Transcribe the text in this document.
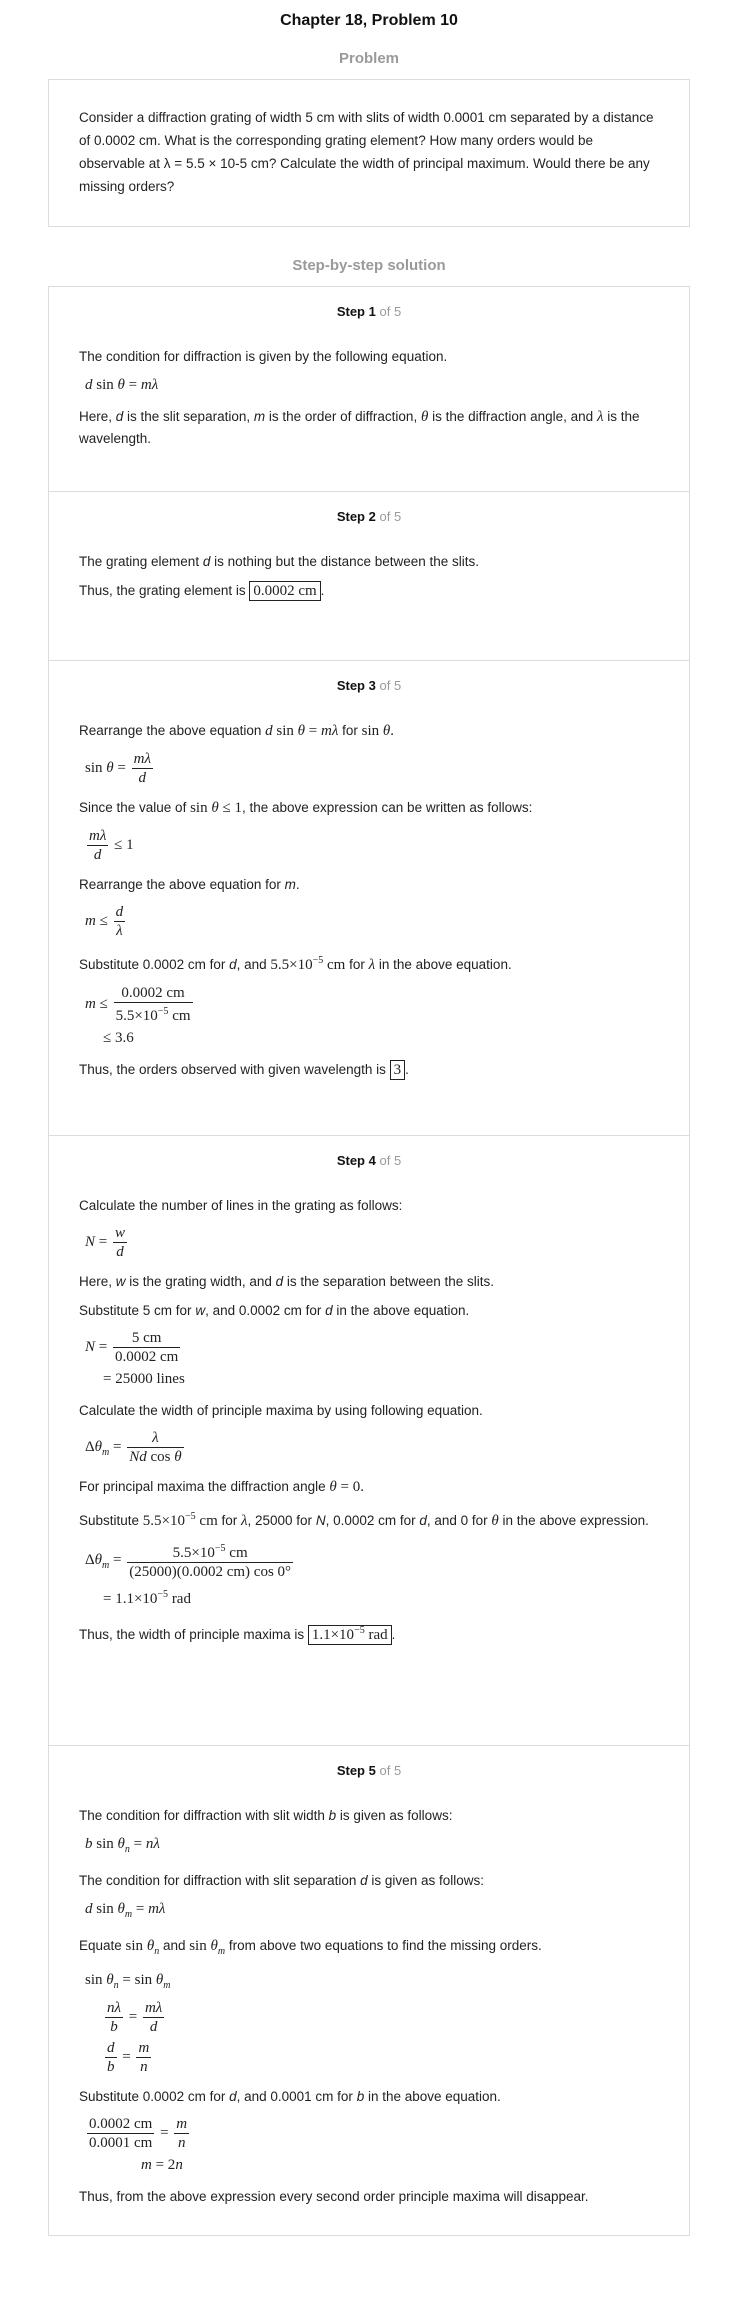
Chapter 18, Problem 10
Problem
Consider a diffraction grating of width 5 cm with slits of width 0.0001 cm separated by a distance of 0.0002 cm. What is the corresponding grating element? How many orders would be observable at λ = 5.5 × 10-5 cm? Calculate the width of principal maximum. Would there be any missing orders?
Step-by-step solution
Step 1 of 5
The condition for diffraction is given by the following equation.
d sin θ = mλ
Here, d is the slit separation, m is the order of diffraction, θ is the diffraction angle, and λ is the wavelength.
Step 2 of 5
The grating element d is nothing but the distance between the slits.
Thus, the grating element is 0.0002 cm .
Step 3 of 5
Rearrange the above equation d sin θ = mλ for sin θ.
$\sin \theta = \frac{m\lambda}{d}$
Since the value of sin θ ≤ 1, the above expression can be written as follows:
$\frac{m\lambda}{d} \le 1$
Rearrange the above equation for m.
$m \le \frac{d}{\lambda}$
Substitute 0.0002 cm for d, and $5.5\times 10^{-5}$ cm for λ in the above equation.
$m \le \frac{0.0002 cm}{5.5\times 10^{-5} cm}$
≤ 3.6
Thus, the orders observed with given wavelength is 3 .
Step 4 of 5
Calculate the number of lines in the grating as follows:
$N = \frac{w}{d}$
Here, w is the grating width, and d is the separation between the slits.
Substitute 5 cm for w, and 0.0002 cm for d in the above equation.
$N = \frac{5 cm}{0.0002 cm}$
= 25000 lines
Calculate the width of principle maxima by using following equation.
$\Delta\theta_m = \frac{\lambda}{\text{Nd cos θ}}$
For principal maxima the diffraction angle θ = 0.
Substitute $5.5\times 10^{-5}$ cm for λ, 25000 for N, 0.0002 cm for d, and 0 for θ in the above expression.
$\Delta\theta_m = \frac{5.5\times 10^{-5} cm}{(25000)(0.0002 cm) \cos 0^\circ}$
= $1.1\times 10^{-5}$ rad
Thus, the width of principle maxima is $1.1\times 10^{-5}$ rad .
Step 5 of 5
The condition for diffraction with slit width b is given as follows:
b $\sin \theta_n = n\lambda$
The condition for diffraction with slit separation d is given as follows:
d $\sin \theta_m = m\lambda$
Equate $\sin \theta_n$ and $\sin \theta_m$ from above two equations to find the missing orders.
$\sin \theta_n = \sin \theta_m$
$\frac{n\lambda}{b} = \frac{m\lambda}{d}$
$\frac{d}{b} = \frac{m}{n}$
Substitute 0.0002 cm for d, and 0.0001 cm for b in the above equation.
$\frac{0.0002 cm}{0.0001 cm} = \frac{m}{n}$
m = 2n
Thus, from the above expression every second order principle maxima will disappear.
